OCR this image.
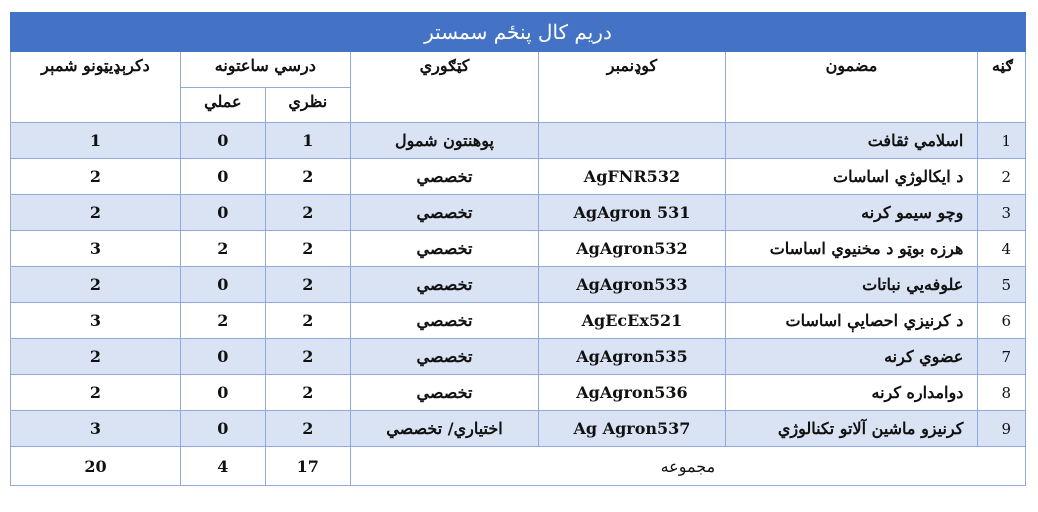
دريم کال پنځم سمستر						
ګڼه	مضمون	کوډنمبر	کټګوري	درسي ساعتونه		دکرېډيټونو شمېر
				نظري	عملي	
1	اسلامي ثقافت		پوهنتون شمول	1	0	1
2	د ايکالوژي اساسات	AgFNR532	تخصصي	2	0	2
3	وچو سيمو کرنه	AgAgron 531	تخصصي	2	0	2
4	هرزه بوټو د مخنيوي اساسات	AgAgron532	تخصصي	2	2	3
5	علوفه‌يي نباتات	AgAgron533	تخصصي	2	0	2
6	د کرنيزي احصايې اساسات	AgEcEx521	تخصصي	2	2	3
7	عضوي کرنه	AgAgron535	تخصصي	2	0	2
8	دوامداره کرنه	AgAgron536	تخصصي	2	0	2
9	کرنيزو ماشين آلاتو تکنالوژي	Ag Agron537	اختياري/ تخصصي	2	0	3
مجموعه				17	4	20
